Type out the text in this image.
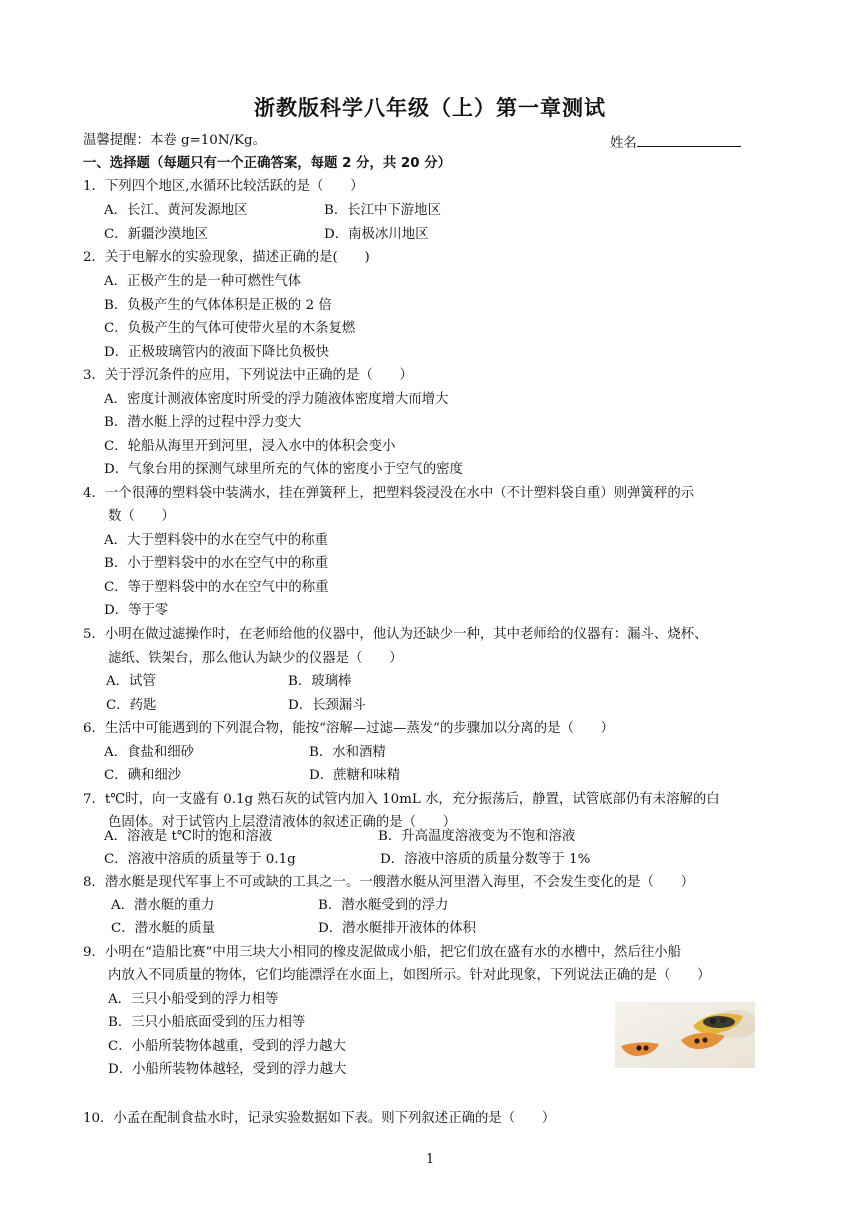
浙教版科学八年级（上）第一章测试
温馨提醒：本卷 g=10N/Kg。	姓名
一、选择题（每题只有一个正确答案，每题 2 分，共 20 分）
1．下列四个地区,水循环比较活跃的是（　　）
A．长江、黄河发源地区	B．长江中下游地区
C．新疆沙漠地区	D．南极冰川地区
2．关于电解水的实验现象，描述正确的是(　　)
A．正极产生的是一种可燃性气体
B．负极产生的气体体积是正极的 2 倍
C．负极产生的气体可使带火星的木条复燃
D．正极玻璃管内的液面下降比负极快
3．关于浮沉条件的应用，下列说法中正确的是（　　）
A．密度计测液体密度时所受的浮力随液体密度增大而增大
B．潜水艇上浮的过程中浮力变大
C．轮船从海里开到河里，浸入水中的体积会变小
D．气象台用的探测气球里所充的气体的密度小于空气的密度
4．一个很薄的塑料袋中装满水，挂在弹簧秤上，把塑料袋浸没在水中（不计塑料袋自重）则弹簧秤的示
数（　　）
A．大于塑料袋中的水在空气中的称重
B．小于塑料袋中的水在空气中的称重
C．等于塑料袋中的水在空气中的称重
D．等于零
5．小明在做过滤操作时，在老师给他的仪器中，他认为还缺少一种，其中老师给的仪器有：漏斗、烧杯、
滤纸、铁架台，那么他认为缺少的仪器是（　　）
A．试管	B．玻璃棒
C．药匙	D．长颈漏斗
6．生活中可能遇到的下列混合物，能按“溶解—过滤—蒸发”的步骤加以分离的是（　　）
A．食盐和细砂	B．水和酒精
C．碘和细沙	D．蔗糖和味精
7．t℃时，向一支盛有 0.1g 熟石灰的试管内加入 10mL 水，充分振荡后，静置，试管底部仍有未溶解的白
色固体。对于试管内上层澄清液体的叙述正确的是（　　）
A．溶液是 t℃时的饱和溶液	B．升高温度溶液变为不饱和溶液
C．溶液中溶质的质量等于 0.1g	D．溶液中溶质的质量分数等于 1%
8．潜水艇是现代军事上不可或缺的工具之一。一艘潜水艇从河里潜入海里，不会发生变化的是（　　）
A．潜水艇的重力	B．潜水艇受到的浮力
C．潜水艇的质量	D．潜水艇排开液体的体积
9．小明在“造船比赛”中用三块大小相同的橡皮泥做成小船，把它们放在盛有水的水槽中，然后往小船
内放入不同质量的物体，它们均能漂浮在水面上，如图所示。针对此现象，下列说法正确的是（　　）
A．三只小船受到的浮力相等
B．三只小船底面受到的压力相等
C．小船所装物体越重，受到的浮力越大
D．小船所装物体越轻，受到的浮力越大
10．小孟在配制食盐水时，记录实验数据如下表。则下列叙述正确的是（　　）
1
